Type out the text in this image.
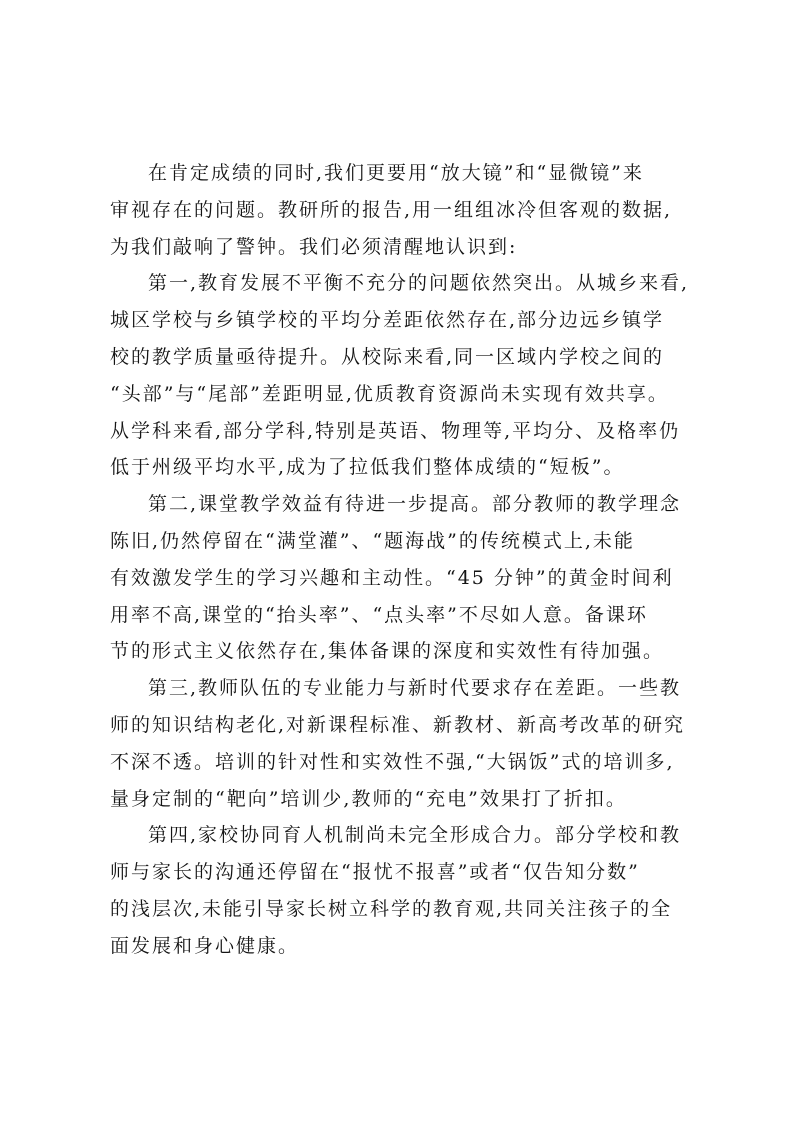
在肯定成绩的同时,我们更要用“放大镜”和“显微镜”来
审视存在的问题。教研所的报告,用一组组冰冷但客观的数据,
为我们敲响了警钟。我们必须清醒地认识到:
第一,教育发展不平衡不充分的问题依然突出。从城乡来看,
城区学校与乡镇学校的平均分差距依然存在,部分边远乡镇学
校的教学质量亟待提升。从校际来看,同一区域内学校之间的
“头部”与“尾部”差距明显,优质教育资源尚未实现有效共享。
从学科来看,部分学科,特别是英语、物理等,平均分、及格率仍
低于州级平均水平,成为了拉低我们整体成绩的“短板”。
第二,课堂教学效益有待进一步提高。部分教师的教学理念
陈旧,仍然停留在“满堂灌”、“题海战”的传统模式上,未能
有效激发学生的学习兴趣和主动性。“45 分钟”的黄金时间利
用率不高,课堂的“抬头率”、“点头率”不尽如人意。备课环
节的形式主义依然存在,集体备课的深度和实效性有待加强。
第三,教师队伍的专业能力与新时代要求存在差距。一些教
师的知识结构老化,对新课程标准、新教材、新高考改革的研究
不深不透。培训的针对性和实效性不强,“大锅饭”式的培训多,
量身定制的“靶向”培训少,教师的“充电”效果打了折扣。
第四,家校协同育人机制尚未完全形成合力。部分学校和教
师与家长的沟通还停留在“报忧不报喜”或者“仅告知分数”
的浅层次,未能引导家长树立科学的教育观,共同关注孩子的全
面发展和身心健康。
